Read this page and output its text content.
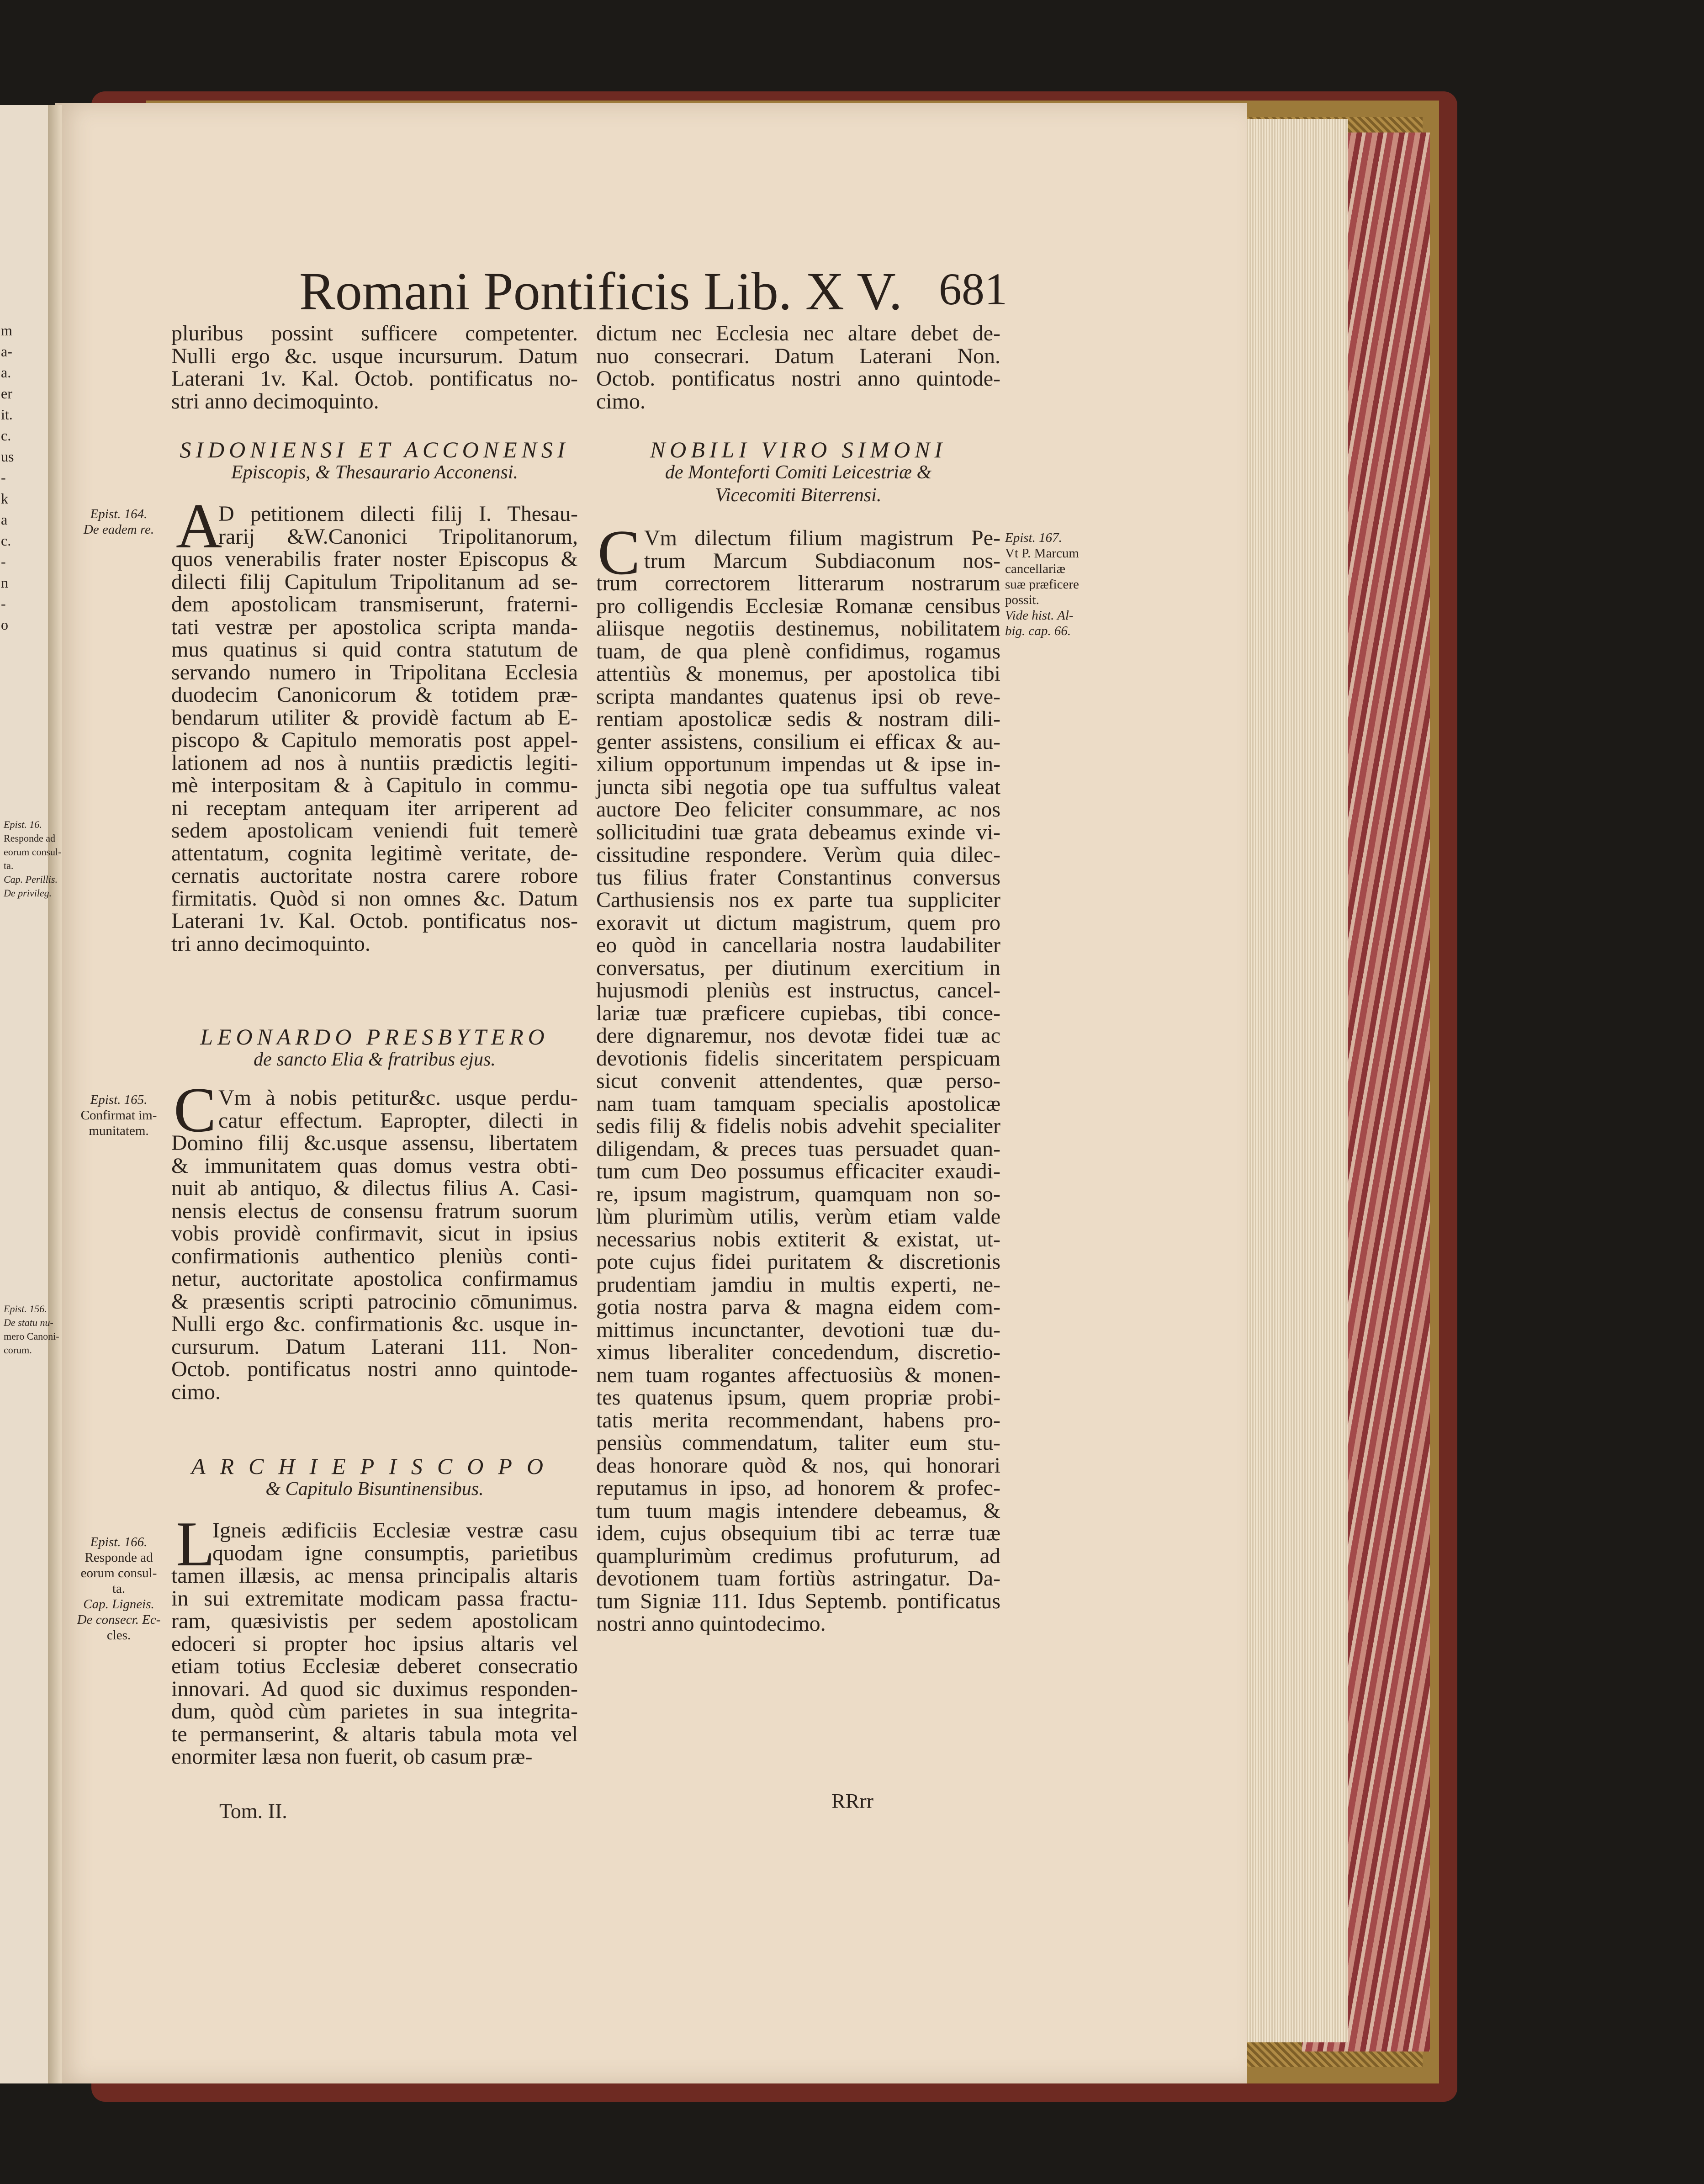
m
a-
a.
er
it.
c.
us
-
k
a
c.
-
n
-
o
Epist. 16.
Responde ad
eorum consul-
ta.
Cap. Perillis.
De privileg.
Epist. 156.
De statu nu-
mero Canoni-
corum.
Romani Pontificis Lib. X V. 681
pluribus possint sufficere competenter.
Nulli ergo &c. usque incursurum. Datum
Laterani 1v. Kal. Octob. pontificatus no-
stri anno decimoquinto.
SIDONIENSI ET ACCONENSI
Episcopis, & Thesaurario Acconensi.
A
D petitionem dilecti filij I. Thesau-
rarij &W.Canonici Tripolitanorum,
quos venerabilis frater noster Episcopus &
dilecti filij Capitulum Tripolitanum ad se-
dem apostolicam transmiserunt, fraterni-
tati vestræ per apostolica scripta manda-
mus quatinus si quid contra statutum de
servando numero in Tripolitana Ecclesia
duodecim Canonicorum & totidem præ-
bendarum utiliter & providè factum ab E-
piscopo & Capitulo memoratis post appel-
lationem ad nos à nuntiis prædictis legiti-
mè interpositam & à Capitulo in commu-
ni receptam antequam iter arriperent ad
sedem apostolicam veniendi fuit temerè
attentatum, cognita legitimè veritate, de-
cernatis auctoritate nostra carere robore
firmitatis. Quòd si non omnes &c. Datum
Laterani 1v. Kal. Octob. pontificatus nos-
tri anno decimoquinto.
LEONARDO PRESBYTERO
de sancto Elia & fratribus ejus.
C Vm à nobis petitur&c. usque perdu-
catur effectum. Eapropter, dilecti in
Domino filij &c.usque assensu, libertatem
& immunitatem quas domus vestra obti-
nuit ab antiquo, & dilectus filius A. Casi-
nensis electus de consensu fratrum suorum
vobis providè confirmavit, sicut in ipsius
confirmationis authentico pleniùs conti-
netur, auctoritate apostolica confirmamus
& præsentis scripti patrocinio cōmunimus.
Nulli ergo &c. confirmationis &c. usque in-
cursurum. Datum Laterani 111. Non-
Octob. pontificatus nostri anno quintode-
cimo.
ARCHIEPISCOPO
& Capitulo Bisuntinensibus.
L
Igneis ædificiis Ecclesiæ vestræ casu
quodam igne consumptis, parietibus
tamen illæsis, ac mensa principalis altaris
in sui extremitate modicam passa fractu-
ram, quæsivistis per sedem apostolicam
edoceri si propter hoc ipsius altaris vel
etiam totius Ecclesiæ deberet consecratio
innovari. Ad quod sic duximus responden-
dum, quòd cùm parietes in sua integrita-
te permanserint, & altaris tabula mota vel
enormiter læsa non fuerit, ob casum præ-
Tom. II.
dictum nec Ecclesia nec altare debet de-
nuo consecrari. Datum Laterani Non.
Octob. pontificatus nostri anno quintode-
cimo.
NOBILI VIRO SIMONI
de Monteforti Comiti Leicestriæ &
Vicecomiti Biterrensi.
C Vm dilectum filium magistrum Pe-
trum Marcum Subdiaconum nos-
trum correctorem litterarum nostrarum
pro colligendis Ecclesiæ Romanæ censibus
aliisque negotiis destinemus, nobilitatem
tuam, de qua plenè confidimus, rogamus
attentiùs & monemus, per apostolica tibi
scripta mandantes quatenus ipsi ob reve-
rentiam apostolicæ sedis & nostram dili-
genter assistens, consilium ei efficax & au-
xilium opportunum impendas ut & ipse in-
juncta sibi negotia ope tua suffultus valeat
auctore Deo feliciter consummare, ac nos
sollicitudini tuæ grata debeamus exinde vi-
cissitudine respondere. Verùm quia dilec-
tus filius frater Constantinus conversus
Carthusiensis nos ex parte tua suppliciter
exoravit ut dictum magistrum, quem pro
eo quòd in cancellaria nostra laudabiliter
conversatus, per diutinum exercitium in
hujusmodi pleniùs est instructus, cancel-
lariæ tuæ præficere cupiebas, tibi conce-
dere dignaremur, nos devotæ fidei tuæ ac
devotionis fidelis sinceritatem perspicuam
sicut convenit attendentes, quæ perso-
nam tuam tamquam specialis apostolicæ
sedis filij & fidelis nobis advehit specialiter
diligendam, & preces tuas persuadet quan-
tum cum Deo possumus efficaciter exaudi-
re, ipsum magistrum, quamquam non so-
lùm plurimùm utilis, verùm etiam valde
necessarius nobis extiterit & existat, ut-
pote cujus fidei puritatem & discretionis
prudentiam jamdiu in multis experti, ne-
gotia nostra parva & magna eidem com-
mittimus incunctanter, devotioni tuæ du-
ximus liberaliter concedendum, discretio-
nem tuam rogantes affectuosiùs & monen-
tes quatenus ipsum, quem propriæ probi-
tatis merita recommendant, habens pro-
pensiùs commendatum, taliter eum stu-
deas honorare quòd & nos, qui honorari
reputamus in ipso, ad honorem & profec-
tum tuum magis intendere debeamus, &
idem, cujus obsequium tibi ac terræ tuæ
quamplurimùm credimus profuturum, ad
devotionem tuam fortiùs astringatur. Da-
tum Signiæ 111. Idus Septemb. pontificatus
nostri anno quintodecimo.
RRrr
Epist. 164.
De eadem re.
Epist. 165.
Confirmat im-
munitatem.
Epist. 166.
Responde ad
eorum consul-
ta.
Cap. Ligneis.
De consecr. Ec-
cles.
Epist. 167.
Vt P. Marcum
cancellariæ
suæ præficere
possit.
Vide hist. Al-
big. cap. 66.
